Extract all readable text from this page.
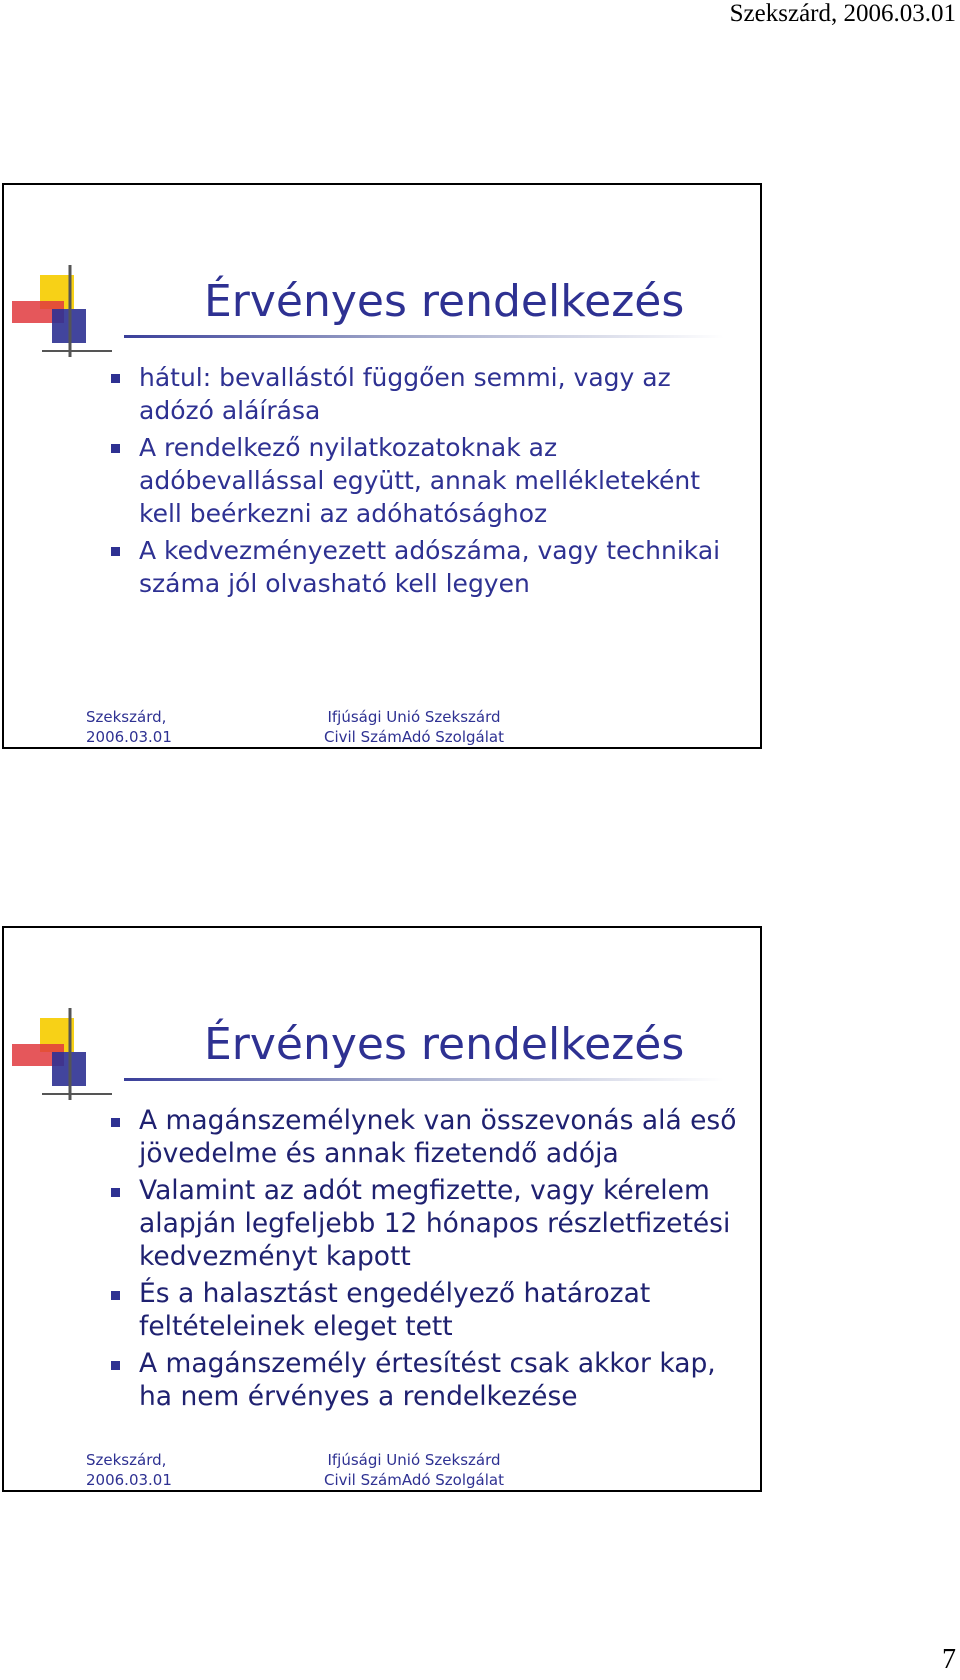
Szekszárd, 2006.03.01
Érvényes rendelkezés
hátul: bevallástól függően semmi, vagy az adózó aláírása
A rendelkező nyilatkozatoknak az adóbevallással együtt, annak mellékleteként kell beérkezni az adóhatósághoz
A kedvezményezett adószáma, vagy technikai száma jól olvasható kell legyen
Szekszárd,
2006.03.01
Ifjúsági Unió Szekszárd
Civil SzámAdó Szolgálat
Érvényes rendelkezés
A magánszemélynek van összevonás alá eső jövedelme és annak fizetendő adója
Valamint az adót megfizette, vagy kérelem alapján legfeljebb 12 hónapos részletfizetési kedvezményt kapott
És a halasztást engedélyező határozat feltételeinek eleget tett
A magánszemély értesítést csak akkor kap, ha nem érvényes a rendelkezése
Szekszárd,
2006.03.01
Ifjúsági Unió Szekszárd
Civil SzámAdó Szolgálat
7
